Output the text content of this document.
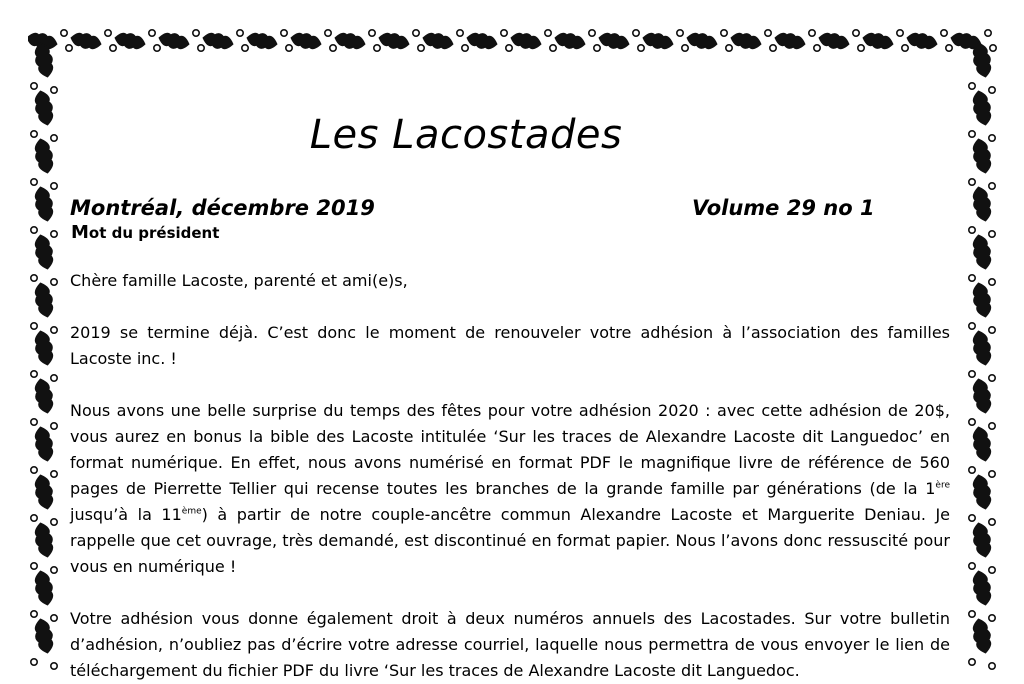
Les Lacostades
Montréal, décembre 2019	Volume 29 no 1
Mot du président

Chère famille Lacoste, parenté et ami(e)s,

2019 se termine déjà. C’est donc le moment de renouveler votre adhésion à l’association des familles Lacoste inc. !

Nous avons une belle surprise du temps des fêtes pour votre adhésion 2020 : avec cette adhésion de 20$, vous aurez en bonus la bible des Lacoste intitulée ‘Sur les traces de Alexandre Lacoste dit Languedoc’ en format numérique. En effet, nous avons numérisé en format PDF le magnifique livre de référence de 560 pages de Pierrette Tellier qui recense toutes les branches de la grande famille par générations (de la 1ère jusqu’à la 11ème) à partir de notre couple-ancêtre commun Alexandre Lacoste et Marguerite Deniau. Je rappelle que cet ouvrage, très demandé, est discontinué en format papier. Nous l’avons donc ressuscité pour vous en numérique !

Votre adhésion vous donne également droit à deux numéros annuels des Lacostades. Sur votre bulletin d’adhésion, n’oubliez pas d’écrire votre adresse courriel, laquelle nous permettra de vous envoyer le lien de téléchargement du fichier PDF du livre ‘Sur les traces de Alexandre Lacoste dit Languedoc.
